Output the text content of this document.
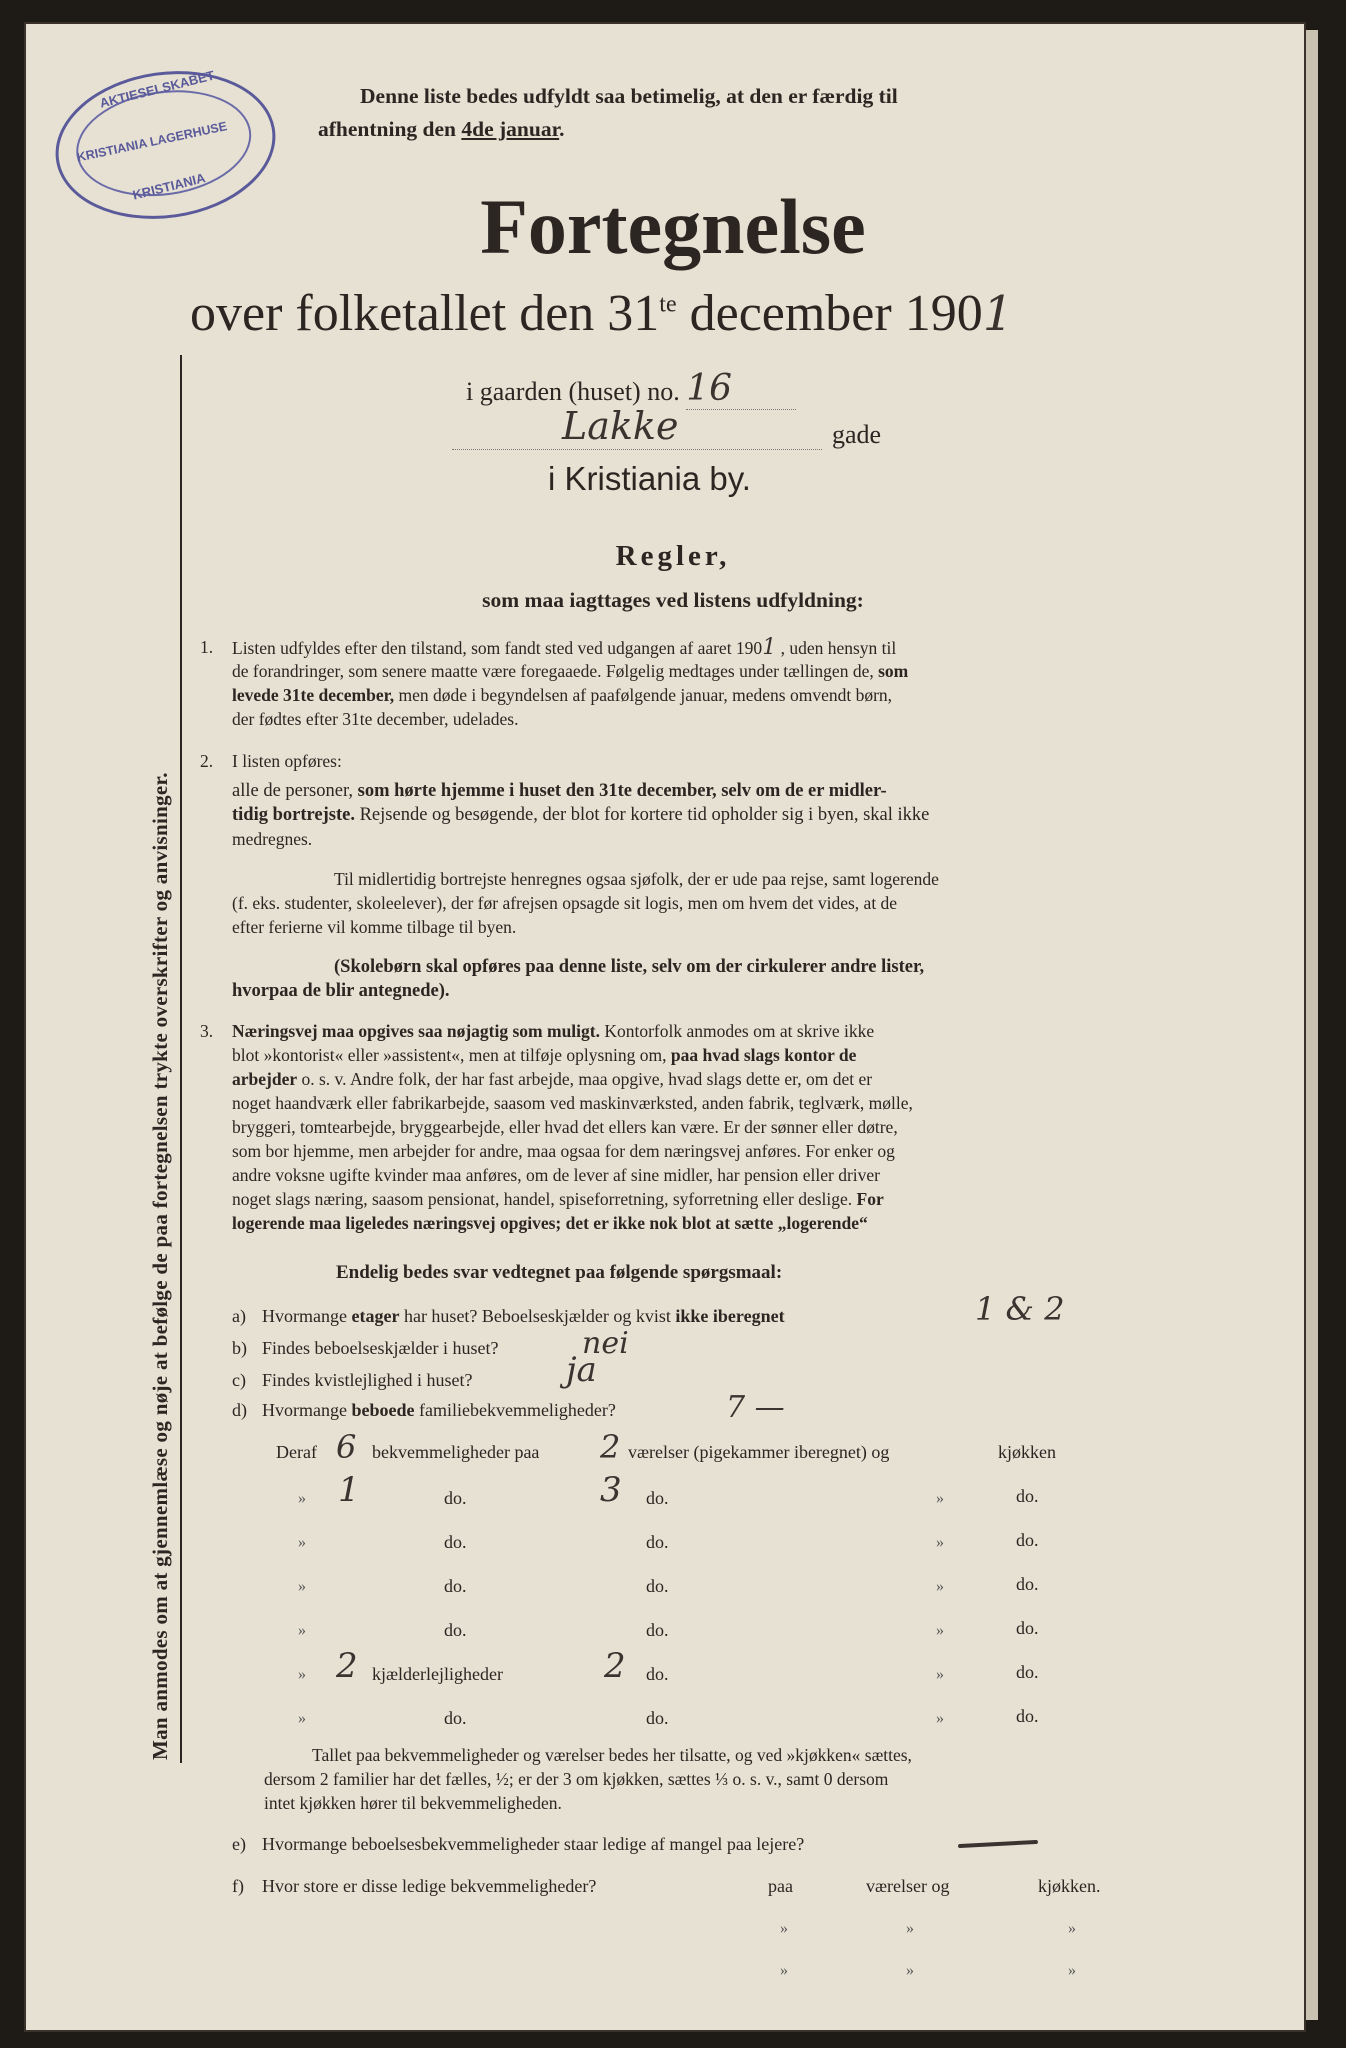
AKTIESELSKABET
KRISTIANIA LAGERHUSE
KRISTIANIA
Denne liste bedes udfyldt saa betimelig, at den er færdig til
afhentning den 4de januar.
Fortegnelse
over folketallet den $31^{te}$ december 1901
i gaarden (huset) no. 16
Lakke	gade
i Kristiania by.
Regler,
som maa iagttages ved listens udfyldning:
1. Listen udfyldes efter den tilstand, som fandt sted ved udgangen af aaret 1901 , uden hensyn til
de forandringer, som senere maatte være foregaaede. Følgelig medtages under tællingen de, som
levede 31te december, men døde i begyndelsen af paafølgende januar, medens omvendt børn,
der fødtes efter 31te december, udelades.
2. I listen opføres:
alle de personer, som hørte hjemme i huset den 31te december, selv om de er midler-
tidig bortrejste. Rejsende og besøgende, der blot for kortere tid opholder sig i byen, skal ikke
medregnes.
Til midlertidig bortrejste henregnes ogsaa sjøfolk, der er ude paa rejse, samt logerende
(f. eks. studenter, skoleelever), der før afrejsen opsagde sit logis, men om hvem det vides, at de
efter ferierne vil komme tilbage til byen.
(Skolebørn skal opføres paa denne liste, selv om der cirkulerer andre lister,
hvorpaa de blir antegnede).
3. Næringsvej maa opgives saa nøjagtig som muligt. Kontorfolk anmodes om at skrive ikke
blot »kontorist« eller »assistent«, men at tilføje oplysning om, paa hvad slags kontor de
arbejder o. s. v. Andre folk, der har fast arbejde, maa opgive, hvad slags dette er, om det er
noget haandværk eller fabrikarbejde, saasom ved maskinværksted, anden fabrik, teglværk, mølle,
bryggeri, tomtearbejde, bryggearbejde, eller hvad det ellers kan være. Er der sønner eller døtre,
som bor hjemme, men arbejder for andre, maa ogsaa for dem næringsvej anføres. For enker og
andre voksne ugifte kvinder maa anføres, om de lever af sine midler, har pension eller driver
noget slags næring, saasom pensionat, handel, spiseforretning, syforretning eller deslige. For
logerende maa ligeledes næringsvej opgives; det er ikke nok blot at sætte „logerende“
Endelig bedes svar vedtegnet paa følgende spørgsmaal:
a) Hvormange etager har huset? Beboelseskjælder og kvist ikke iberegnet	1 & 2
b) Findes beboelseskjælder i huset?	nei
c) Findes kvistlejlighed i huset?	ja
d) Hvormange beboede familiebekvemmeligheder?	7 —
Deraf 6 bekvemmeligheder paa 2 værelser (pigekammer iberegnet) og	kjøkken
» 1	do.	3 do.	»	do.
»	do.	do.	»	do.
»	do.	do.	»	do.
»	do.	do.	»	do.
» 2 kjælderlejligheder	2 do.	»	do.
»	do.	do.	»	do.
Tallet paa bekvemmeligheder og værelser bedes her tilsatte, og ved »kjøkken« sættes,
dersom 2 familier har det fælles, ½; er der 3 om kjøkken, sættes ⅓ o. s. v., samt 0 dersom
intet kjøkken hører til bekvemmeligheden.
e) Hvormange beboelsesbekvemmeligheder staar ledige af mangel paa lejere?
f) Hvor store er disse ledige bekvemmeligheder?	paa	værelser og	kjøkken.
»	»	»
»	»	»
Man anmodes om at gjennemlæse og nøje at befølge de paa fortegnelsen trykte overskrifter og anvisninger.
